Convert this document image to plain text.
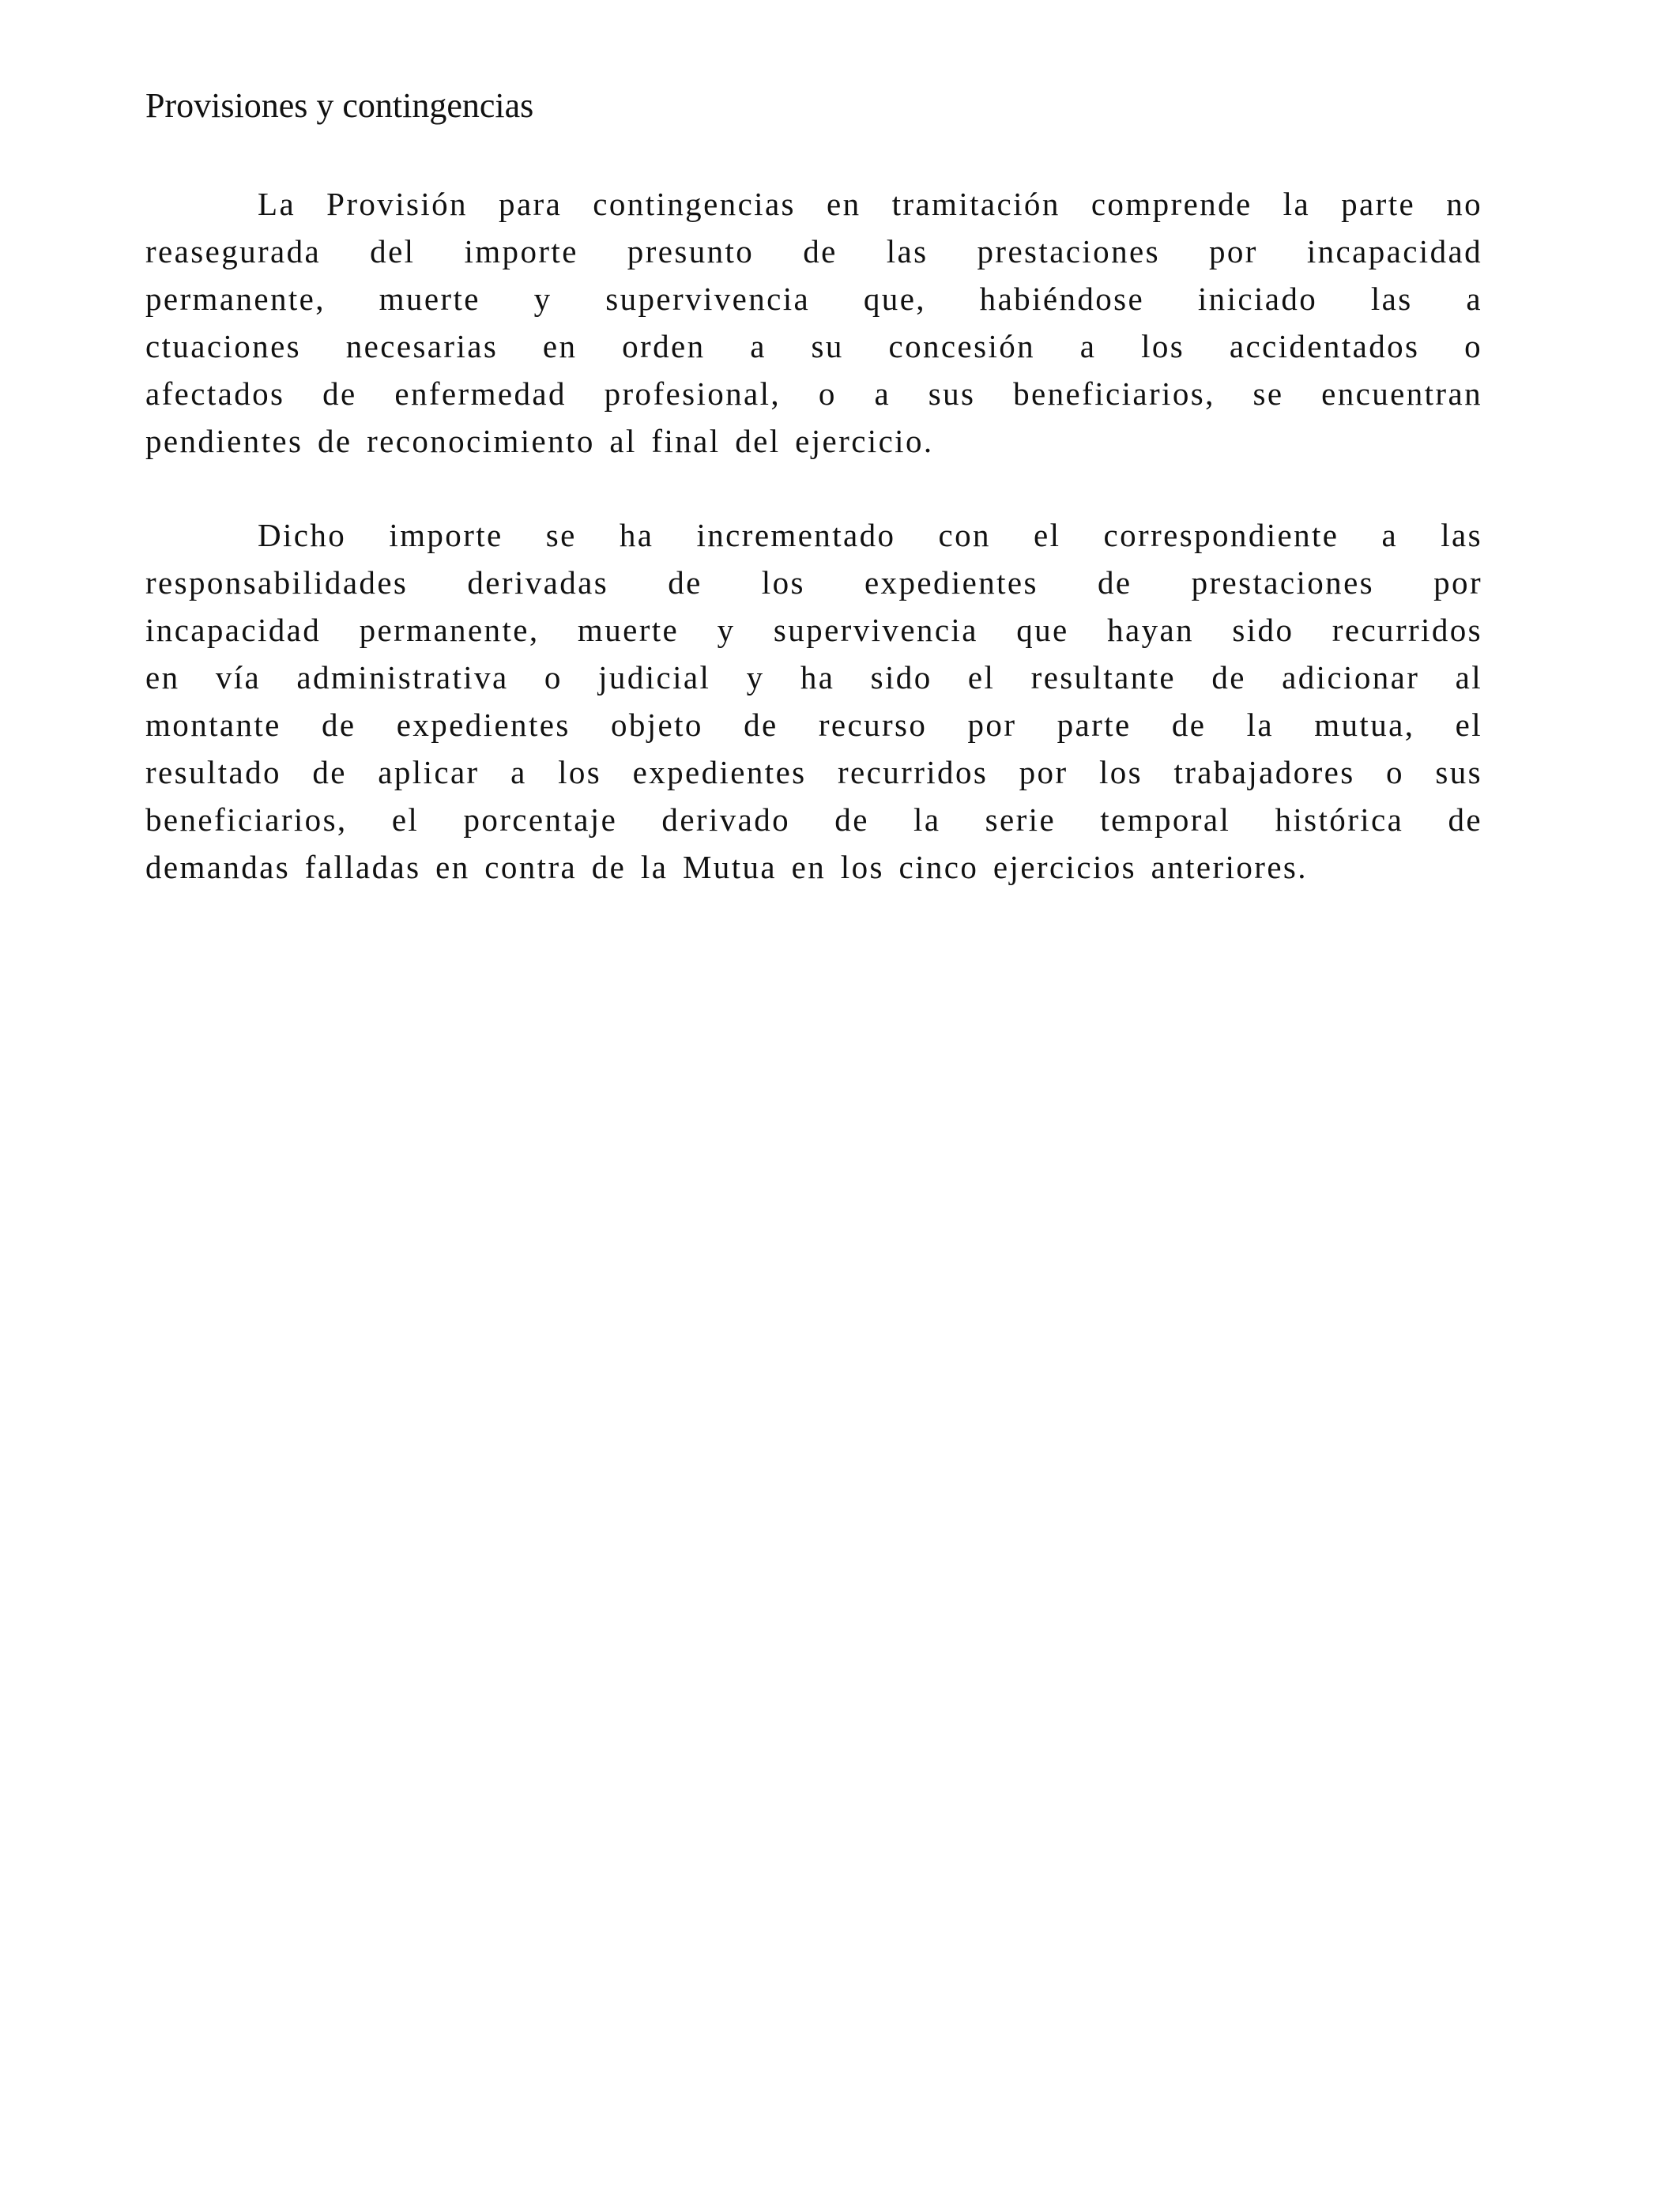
Provisiones y contingencias
La Provisión para contingencias en tramitación comprende la parte no
reasegurada del importe presunto de las prestaciones por incapacidad
permanente, muerte y supervivencia que, habiéndose iniciado las a
ctuaciones necesarias en orden a su concesión a los accidentados o
afectados de enfermedad profesional, o a sus beneficiarios, se encuentran
pendientes de reconocimiento al final del ejercicio.
Dicho importe se ha incrementado con el correspondiente a las
responsabilidades derivadas de los expedientes de prestaciones por
incapacidad permanente, muerte y supervivencia que hayan sido recurridos
en vía administrativa o judicial y ha sido el resultante de adicionar al
montante de expedientes objeto de recurso por parte de la mutua, el
resultado de aplicar a los expedientes recurridos por los trabajadores o sus
beneficiarios, el porcentaje derivado de la serie temporal histórica de
demandas falladas en contra de la Mutua en los cinco ejercicios anteriores.
